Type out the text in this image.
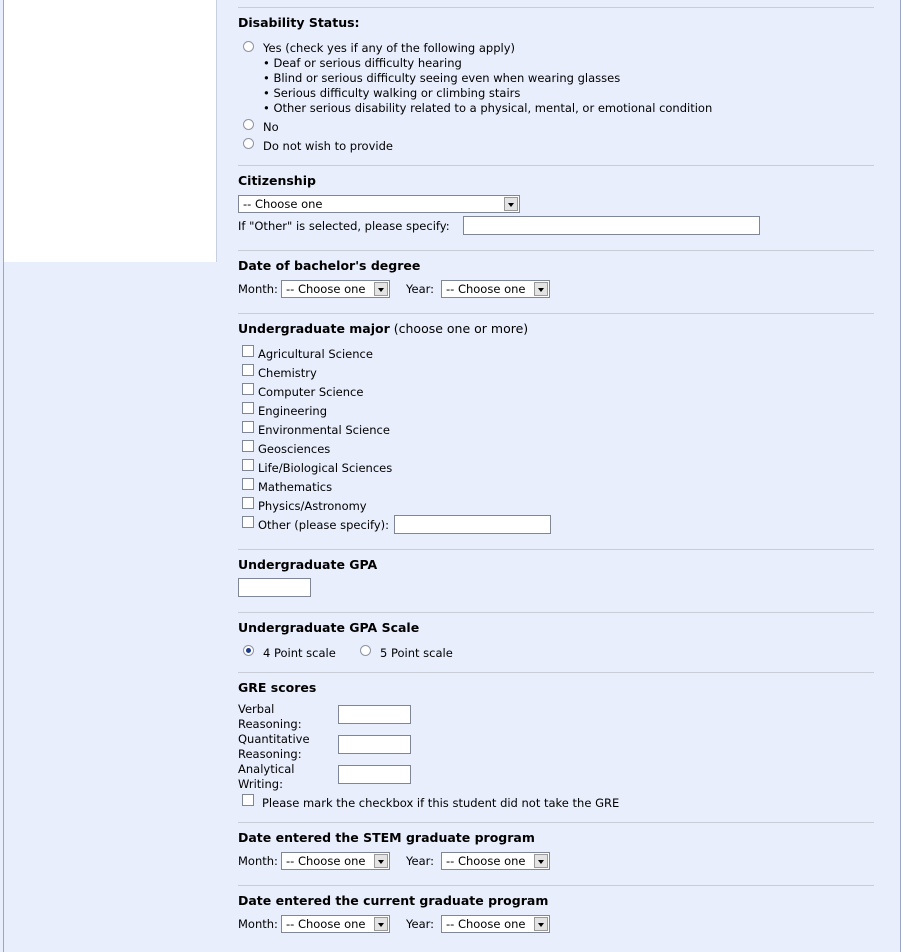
Disability Status:
Yes (check yes if any of the following apply)
• Deaf or serious difficulty hearing
• Blind or serious difficulty seeing even when wearing glasses
• Serious difficulty walking or climbing stairs
• Other serious disability related to a physical, mental, or emotional condition
No
Do not wish to provide
Citizenship
-- Choose one
If "Other" is selected, please specify:
Date of bachelor's degree
Month: -- Choose one	Year:	-- Choose one
Undergraduate major (choose one or more)
Agricultural Science
Chemistry
Computer Science
Engineering
Environmental Science
Geosciences
Life/Biological Sciences
Mathematics
Physics/Astronomy
Other (please specify):
Undergraduate GPA
Undergraduate GPA Scale
4 Point scale	5 Point scale
GRE scores
Verbal
Reasoning:
Quantitative
Reasoning:
Analytical
Writing:
Please mark the checkbox if this student did not take the GRE
Date entered the STEM graduate program
Month: -- Choose one	Year:	-- Choose one
Date entered the current graduate program
Month: -- Choose one	Year:	-- Choose one
